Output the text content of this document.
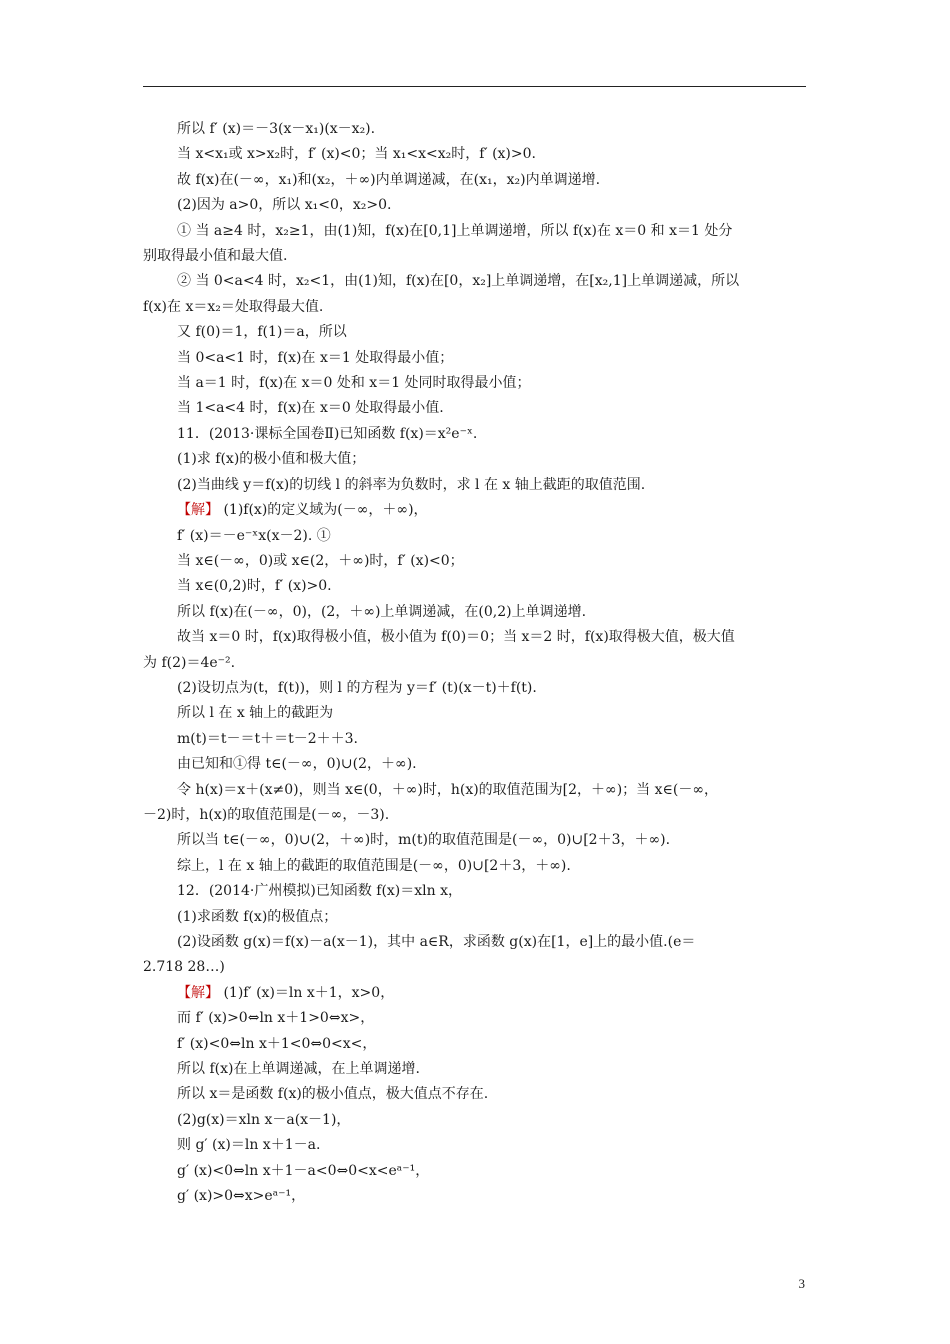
所以 f′ (x)＝－3(x－x₁)(x－x₂).
当 x<x₁或 x>x₂时，f′ (x)<0；当 x₁<x<x₂时，f′ (x)>0.
故 f(x)在(－∞，x₁)和(x₂，＋∞)内单调递减，在(x₁，x₂)内单调递增.
(2)因为 a>0，所以 x₁<0，x₂>0.
① 当 a≥4 时，x₂≥1，由(1)知，f(x)在[0,1]上单调递增，所以 f(x)在 x＝0 和 x＝1 处分
别取得最小值和最大值.
② 当 0<a<4 时，x₂<1，由(1)知，f(x)在[0，x₂]上单调递增，在[x₂,1]上单调递减，所以
f(x)在 x＝x₂＝处取得最大值.
又 f(0)＝1，f(1)＝a，所以
当 0<a<1 时，f(x)在 x＝1 处取得最小值；
当 a＝1 时，f(x)在 x＝0 处和 x＝1 处同时取得最小值；
当 1<a<4 时，f(x)在 x＝0 处取得最小值.
11．(2013·课标全国卷Ⅱ)已知函数 f(x)＝x²e⁻ˣ.
(1)求 f(x)的极小值和极大值；
(2)当曲线 y＝f(x)的切线 l 的斜率为负数时，求 l 在 x 轴上截距的取值范围.
【解】 (1)f(x)的定义域为(－∞，＋∞)，
f′ (x)＝－e⁻ˣx(x－2). ①
当 x∈(－∞，0)或 x∈(2，＋∞)时，f′ (x)<0；
当 x∈(0,2)时，f′ (x)>0.
所以 f(x)在(－∞，0)，(2，＋∞)上单调递减，在(0,2)上单调递增.
故当 x＝0 时，f(x)取得极小值，极小值为 f(0)＝0；当 x＝2 时，f(x)取得极大值，极大值
为 f(2)＝4e⁻².
(2)设切点为(t，f(t))，则 l 的方程为 y＝f′ (t)(x－t)＋f(t).
所以 l 在 x 轴上的截距为
m(t)＝t－＝t＋＝t－2＋＋3.
由已知和①得 t∈(－∞，0)∪(2，＋∞).
令 h(x)＝x＋(x≠0)，则当 x∈(0，＋∞)时，h(x)的取值范围为[2，＋∞)；当 x∈(－∞，
－2)时，h(x)的取值范围是(－∞，－3).
所以当 t∈(－∞，0)∪(2，＋∞)时，m(t)的取值范围是(－∞，0)∪[2＋3，＋∞).
综上，l 在 x 轴上的截距的取值范围是(－∞，0)∪[2＋3，＋∞).
12．(2014·广州模拟)已知函数 f(x)＝xln x，
(1)求函数 f(x)的极值点；
(2)设函数 g(x)＝f(x)－a(x－1)，其中 a∈R，求函数 g(x)在[1，e]上的最小值.(e＝
2.718 28…)
【解】 (1)f′ (x)＝ln x＋1，x>0，
而 f′ (x)>0⇔ln x＋1>0⇔x>，
f′ (x)<0⇔ln x＋1<0⇔0<x<，
所以 f(x)在上单调递减，在上单调递增.
所以 x＝是函数 f(x)的极小值点，极大值点不存在.
(2)g(x)＝xln x－a(x－1)，
则 g′ (x)＝ln x＋1－a.
g′ (x)<0⇔ln x＋1－a<0⇔0<x<eᵃ⁻¹，
g′ (x)>0⇔x>eᵃ⁻¹，
3
